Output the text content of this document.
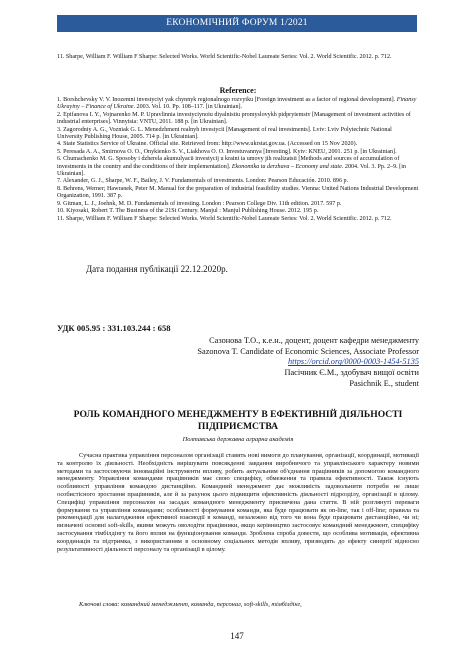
ЕКОНОМІЧНИЙ ФОРУМ 1/2021
11. Sharpe, William F. William F Sharpe: Selected Works. World Scientific-Nobel Laureate Series: Vol. 2. World Scientific. 2012. p. 712.
Reference:

1. Borshchevsky V. V. Inozemni investyciyi yak chynnyk regionalnogo rozvytku [Foreign investment as a factor of regional development]. Finansy Ukrayiny – Finance of Ukraine. 2003. Vol. 10. Pp. 108–117. [in Ukrainian].

2. Epifanova I. Y., Vojnarenko M. P. Upravlinnia investyciynoiu diyalnistiu promyslovykh pidpryiemstv [Management of investment activities of industrial enterprises]. Vinnytsia: VNTU, 2011. 188 p. [in Ukrainian].

3. Zagorodniy A. G., Vozniak G. L. Menedzhment realnyh investycii [Management of real investments]. Lviv: Lviv Polytechnic National University Publishing House, 2005. 714 p. [in Ukrainian].

4. State Statistics Service of Ukraine. Official site. Retrieved from: http://www.ukrstat.gov.ua. (Accessed on 15 Nov 2020).

5. Peresada A. A., Smirnova O. O., Onykienko S. V., Liakhova O. O. Investuvannya [Investing]. Kyiv: KNEU, 2001. 251 p. [in Ukrainian].

6. Chumachenko M. G. Sposoby i dzherela akumulyacii investycij u kraini ta umovy jih realizatsii [Methods and sources of accumulation of investments in the country and the conditions of their implementation]. Ekonomika ta derzhava – Economy and state. 2004. Vol. 3. Pp. 2–9. [in Ukrainian].

7. Alexander, G. J., Sharpe, W. F., Bailey, J. V. Fundamentals of investments. London: Pearson Educación. 2010. 896 p.

8. Behrens, Werner; Hawranek, Peter M. Manual for the preparation of industrial feasibility studies. Vienna: United Nations Industrial Development Organization, 1991. 387 p.

9. Gitman, L. J., Joehnk, M. D. Fundamentals of investing. London : Pearson College Div. 11th edition. 2017. 597 p.

10. Kiyosaki, Robert T. The Business of the 21St Century. Manjul : Manjul Publishing House. 2012. 195 p.

11. Sharpe, William F. William F Sharpe: Selected Works. World Scientific-Nobel Laureate Series: Vol. 2. World Scientific. 2012. p. 712.

Дата подання публікації 22.12.2020р.
УДК 005.95 : 331.103.244 : 658
Сазонова Т.О., к.е.н., доцент, доцент кафедри менеджменту
Sazonova T. Candidate of Economic Sciences, Associate Professor
https://orcid.org/0000-0003-1454-5135
Пасічник Є.М., здобувач вищої освіти
Pasichnik E., student
РОЛЬ КОМАНДНОГО МЕНЕДЖМЕНТУ В ЕФЕКТИВНІЙ ДІЯЛЬНОСТІ ПІДПРИЄМСТВА
Полтавська державна аграрна академія

Сучасна практика управління персоналом організації ставить нові вимоги до планування, організації, координації, мотивації та контролю їх діяльності. Необхідність вирішувати повсякденні завдання виробничого та управлінського характеру новими методами та застосовуючи інноваційні інструменти впливу, робить актуальним об'єднання працівників за допомогою командного менеджменту. Управління командами працівників має свою специфіку, обмеження та правила ефективності. Також існують особливості управління командою дистанційно. Командний менеджмент дає можливість задовольнити потреби не лише особистісного зростання працівників, але й за рахунок цього підвищити ефективність діяльності підрозділу, організації в цілому. Специфіці управління персоналом на засадах командного менеджменту присвячена дана стаття. В ній розглянуті переваги формування та управління командами; особливості формування команди, яка буде працювати як on-line, так і off-line; правила та рекомендації для налагодження ефективної взаємодії в команді, незалежно від того чи вона буде працювати дистанційно, чи ні; визначені основні soft-skills, якими можуть оволодіти працівники, якщо керівництво застосовує командний менеджмент, специфіку застосування тімбілдінгу та його вплив на функціонування команди. Зроблена спроба довести, що особлива мотивація, ефективна координація та підтримка, з використанням в основному соціальних методів впливу, призводять до ефекту синергії відносно результативності діяльності персоналу та організації в цілому.

Ключові слова: командний менеджмент, команда, персонал, soft-skills, тімбілдінг,
147
